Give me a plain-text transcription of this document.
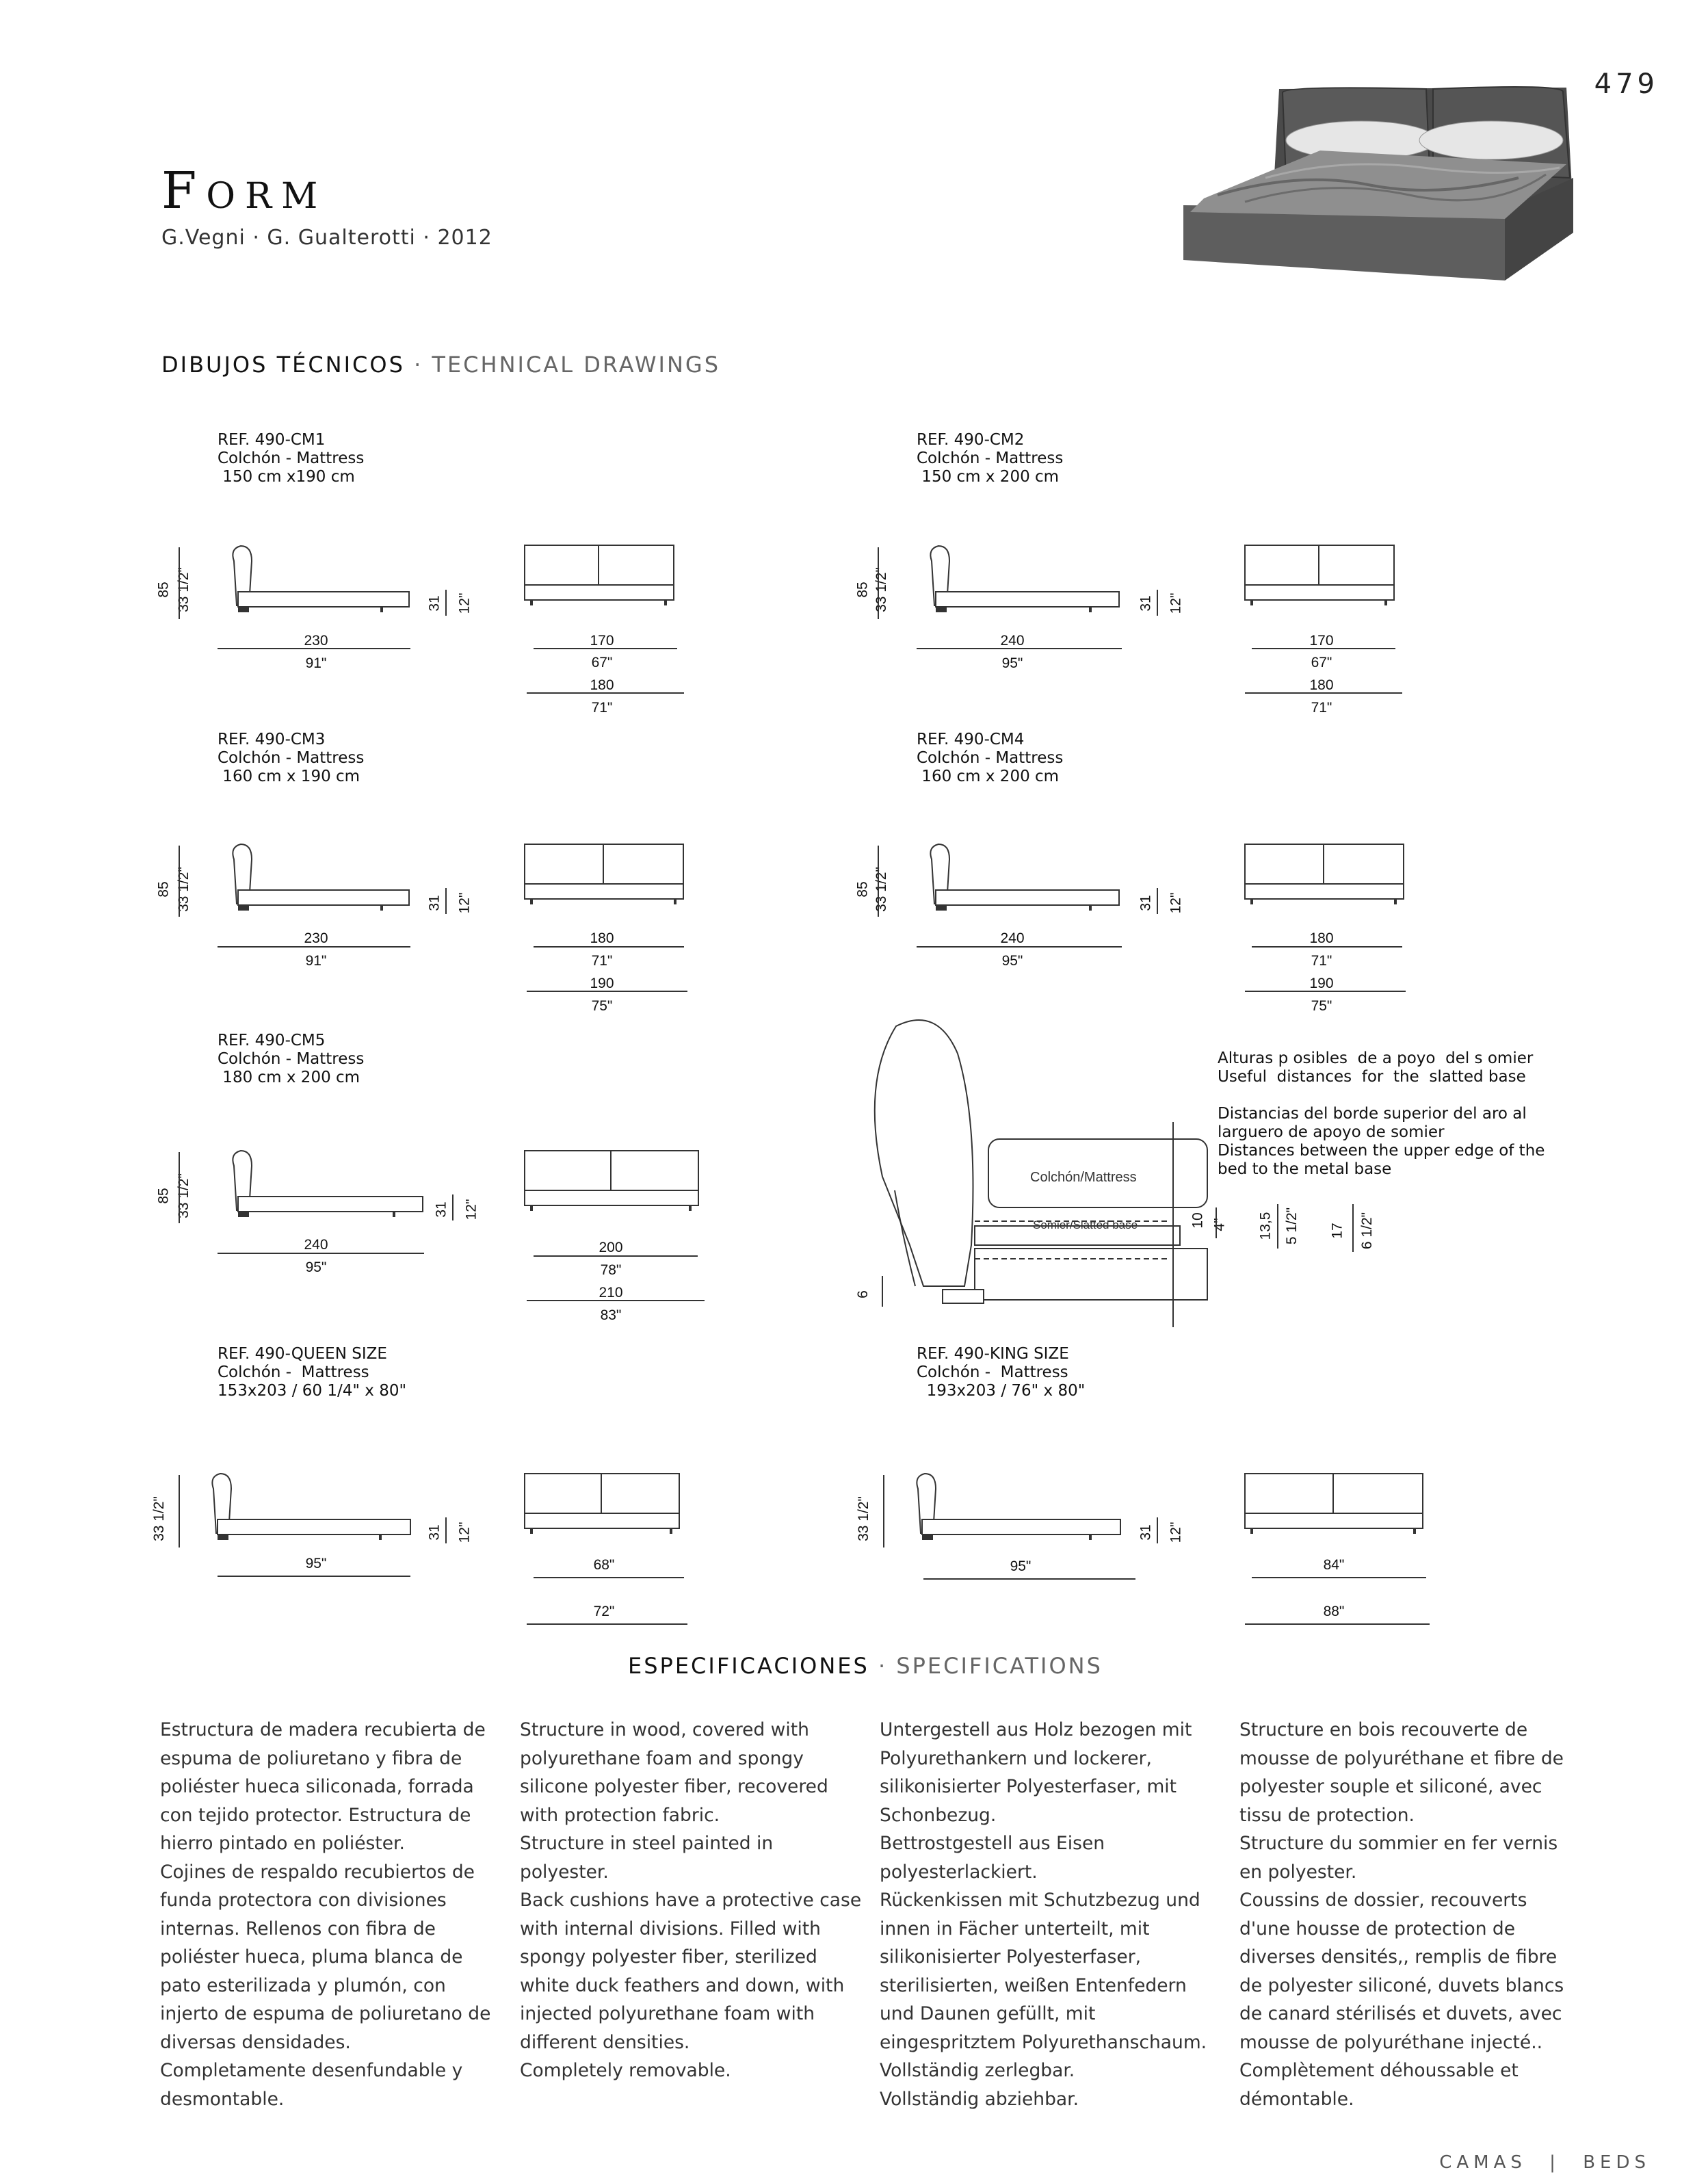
479
Form
G.Vegni · G. Gualterotti · 2012
DIBUJOS TÉCNICOS · TECHNICAL DRAWINGS
REF. 490-CM1
Colchón - Mattress
150 cm x190 cm
85 33 1/2"	31 12"
230
91"
170
67"
180
71"
REF. 490-CM2
Colchón - Mattress
150 cm x 200 cm
85 33 1/2"	31 12"
240
95"
170
67"
180
71"
REF. 490-CM3
Colchón - Mattress
160 cm x 190 cm
85 33 1/2"	31 12"
230
91"
180
71"
190
75"
REF. 490-CM4
Colchón - Mattress
160 cm x 200 cm
85 33 1/2"	31 12"
240
95"
180
71"
190
75"
REF. 490-CM5
Colchón - Mattress
180 cm x 200 cm
85 33 1/2"	31 12"
240
95"
200
78"
210
83"
Colchón/Mattress
Somier/Slatted base
6
10 4" 13,5 5 1/2" 17 6 1/2"
Alturas p osibles  de a poyo  del s omier
Useful  distances  for  the  slatted base
Distancias del borde superior del aro al
larguero de apoyo de somier
Distances between the upper edge of the
bed to the metal base
REF. 490-QUEEN SIZE
Colchón -  Mattress
153x203 / 60 1/4" x 80"
33 1/2"	31 12"
95"	68"
72"
REF. 490-KING SIZE
Colchón -  Mattress
193x203 / 76" x 80"
33 1/2"	31 12"
95"	84"
88"
ESPECIFICACIONES · SPECIFICATIONS

Estructura de madera recubierta de espuma de poliuretano y fibra de poliéster hueca siliconada, forrada con tejido protector. Estructura de hierro pintado en poliéster.

Cojines de respaldo recubiertos de funda protectora con divisiones internas. Rellenos con fibra de poliéster hueca, pluma blanca de pato esterilizada y plumón, con injerto de espuma de poliuretano de diversas densidades.

Completamente desenfundable y desmontable.

Structure in wood, covered with polyurethane foam and spongy silicone polyester fiber, recovered with protection fabric.

Structure in steel painted in polyester.

Back cushions have a protective case with internal divisions. Filled with spongy polyester fiber, sterilized white duck feathers and down, with injected polyurethane foam with different densities.

Completely removable.

Untergestell aus Holz bezogen mit Polyurethankern und lockerer, silikonisierter Polyesterfaser, mit Schonbezug.

Bettrostgestell aus Eisen polyesterlackiert.

Rückenkissen mit Schutzbezug und innen in Fächer unterteilt, mit silikonisierter Polyesterfaser, sterilisierten, weißen Entenfedern und Daunen gefüllt, mit eingespritztem Polyurethanschaum.

Vollständig zerlegbar.

Vollständig abziehbar.

Structure en bois recouverte de mousse de polyuréthane et fibre de polyester souple et siliconé, avec tissu de protection.

Structure du sommier en fer vernis en polyester.

Coussins de dossier, recouverts d'une housse de protection de diverses densités,, remplis de fibre de polyester siliconé, duvets blancs de canard stérilisés et duvets, avec mousse de polyuréthane injecté..

Complètement déhoussable et démontable.

CAMAS | BEDS
